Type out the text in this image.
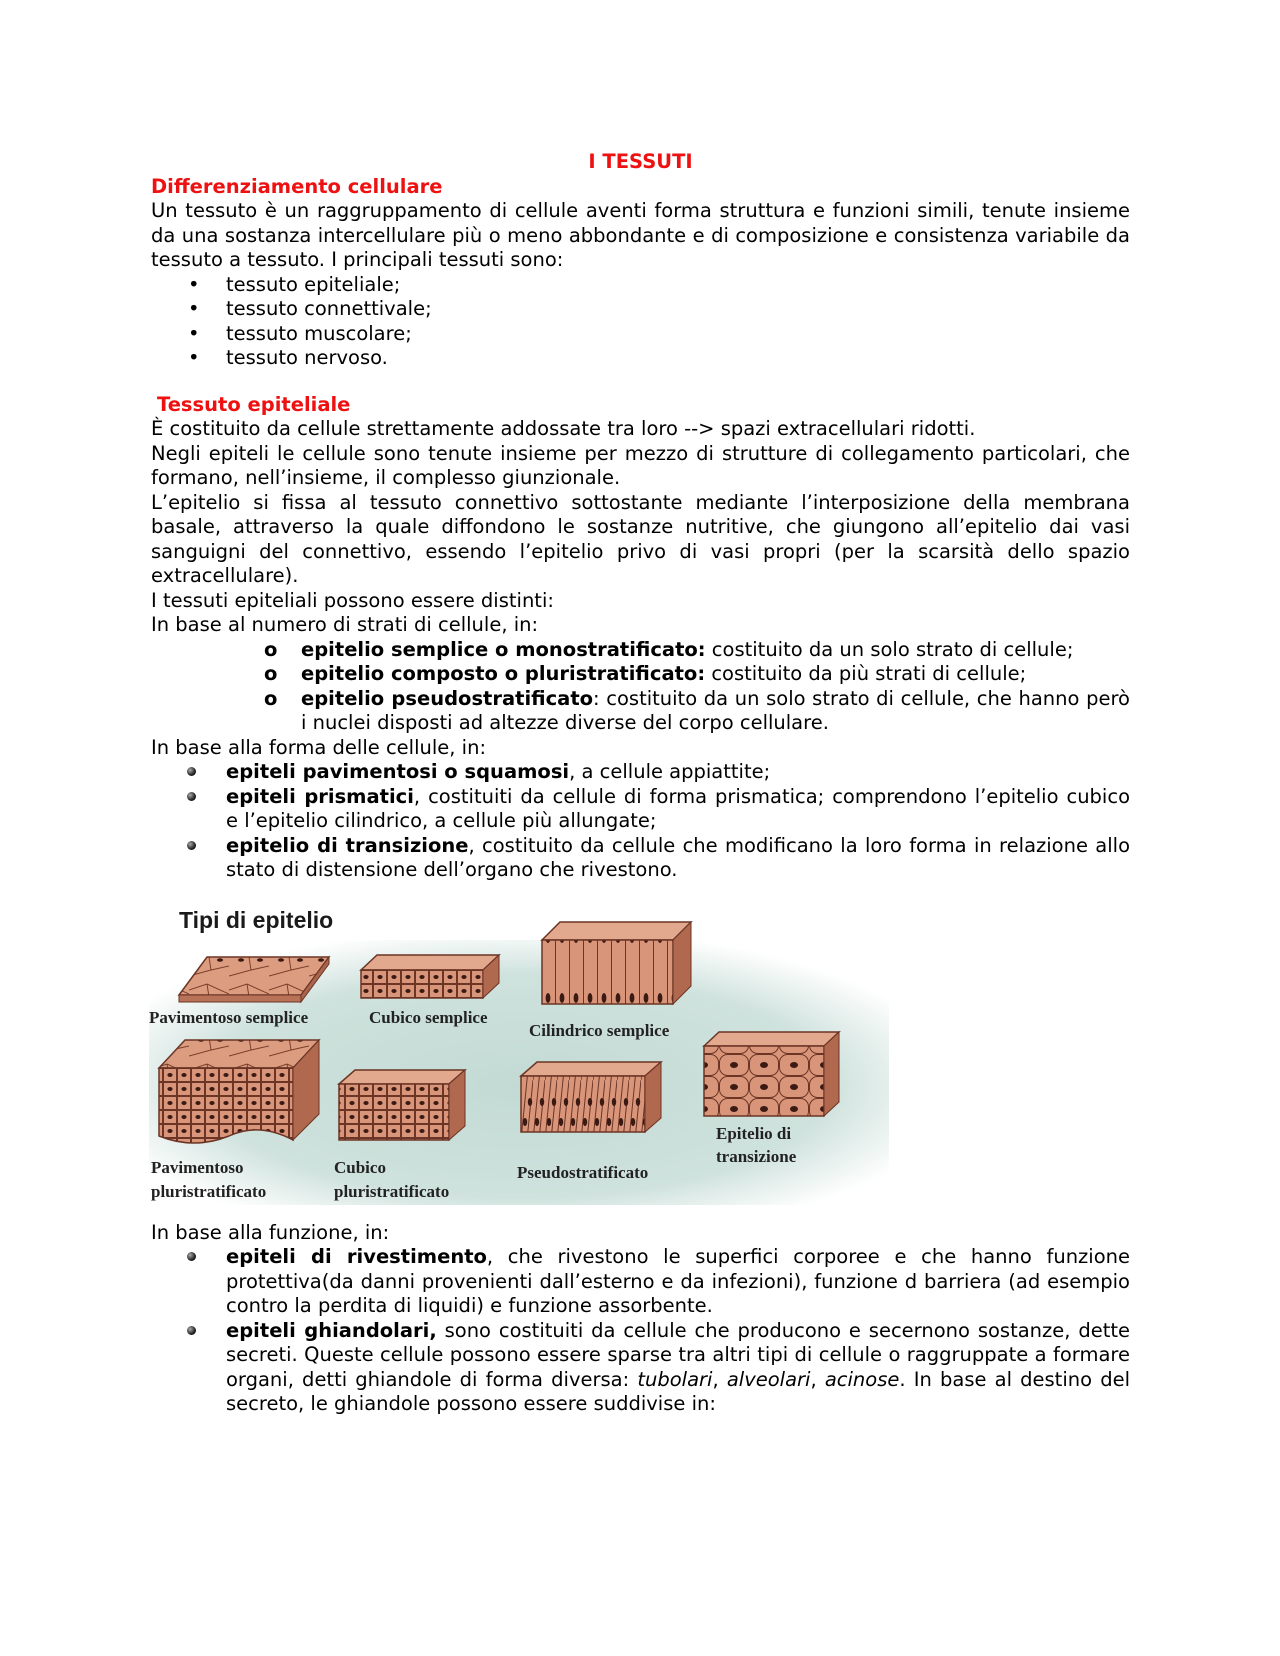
I TESSUTI

Differenziamento cellulare

Un tessuto è un raggruppamento di cellule aventi forma struttura e funzioni simili, tenute insieme da una sostanza intercellulare più o meno abbondante e di composizione e consistenza variabile da tessuto a tessuto. I principali tessuti sono:

• tessuto epiteliale;
• tessuto connettivale;
• tessuto muscolare;
• tessuto nervoso.

Tessuto epiteliale

È costituito da cellule strettamente addossate tra loro --> spazi extracellulari ridotti.

Negli epiteli le cellule sono tenute insieme per mezzo di strutture di collegamento particolari, che formano, nell’insieme, il complesso giunzionale.

L’epitelio si fissa al tessuto connettivo sottostante mediante l’interposizione della membrana basale, attraverso la quale diffondono le sostanze nutritive, che giungono all’epitelio dai vasi sanguigni del connettivo, essendo l’epitelio privo di vasi propri (per la scarsità dello spazio extracellulare).

I tessuti epiteliali possono essere distinti:

In base al numero di strati di cellule, in:

o epitelio semplice o monostratificato: costituito da un solo strato di cellule;
o epitelio composto o pluristratificato: costituito da più strati di cellule;
o epitelio pseudostratificato: costituito da un solo strato di cellule, che hanno però i nuclei disposti ad altezze diverse del corpo cellulare.

In base alla forma delle cellule, in:

epiteli pavimentosi o squamosi, a cellule appiattite;
epiteli prismatici, costituiti da cellule di forma prismatica; comprendono l’epitelio cubico e l’epitelio cilindrico, a cellule più allungate;
epitelio di transizione, costituito da cellule che modificano la loro forma in relazione allo stato di distensione dell’organo che rivestono.
Tipi di epitelio
Pavimentoso semplice	Cubico semplice
Cilindrico semplice
Pavimentoso
pluristratificato
Cubico
pluristratificato
Pseudostratificato
Epitelio di
transizione

In base alla funzione, in:

epiteli di rivestimento, che rivestono le superfici corporee e che hanno funzione protettiva(da danni provenienti dall’esterno e da infezioni), funzione d barriera (ad esempio contro la perdita di liquidi) e funzione assorbente.
epiteli ghiandolari, sono costituiti da cellule che producono e secernono sostanze, dette secreti. Queste cellule possono essere sparse tra altri tipi di cellule o raggruppate a formare organi, detti ghiandole di forma diversa: tubolari, alveolari, acinose. In base al destino del secreto, le ghiandole possono essere suddivise in:
